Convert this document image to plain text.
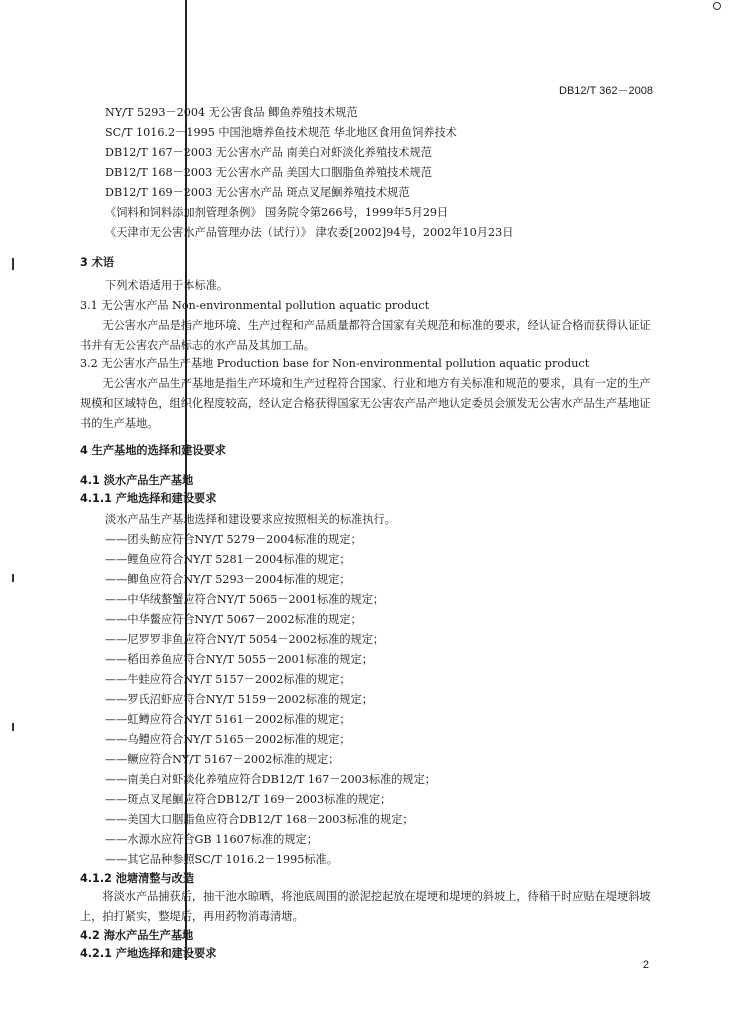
DB12/T 362－2008
NY/T 5293－2004 无公害食品 鲫鱼养殖技术规范
SC/T 1016.2－1995 中国池塘养鱼技术规范 华北地区食用鱼饲养技术
DB12/T 167－2003 无公害水产品 南美白对虾淡化养殖技术规范
DB12/T 168－2003 无公害水产品 美国大口胭脂鱼养殖技术规范
DB12/T 169－2003 无公害水产品 斑点叉尾鮰养殖技术规范
《饲料和饲料添加剂管理条例》 国务院令第266号，1999年5月29日
《天津市无公害水产品管理办法（试行）》 津农委[2002]94号，2002年10月23日
3 术语
下列术语适用于本标准。
3.1 无公害水产品 Non-environmental pollution aquatic product
无公害水产品是指产地环境、生产过程和产品质量都符合国家有关规范和标准的要求，经认证合格而获得认证证书并有无公害农产品标志的水产品及其加工品。
3.2 无公害水产品生产基地 Production base for Non-environmental pollution aquatic product
无公害水产品生产基地是指生产环境和生产过程符合国家、行业和地方有关标准和规范的要求，具有一定的生产规模和区域特色，组织化程度较高，经认定合格获得国家无公害农产品产地认定委员会颁发无公害水产品生产基地证书的生产基地。
4 生产基地的选择和建设要求
4.1 淡水产品生产基地
4.1.1 产地选择和建设要求
淡水产品生产基地选择和建设要求应按照相关的标准执行。
——团头鲂应符合NY/T 5279－2004标准的规定；
——鲤鱼应符合NY/T 5281－2004标准的规定；
——鲫鱼应符合NY/T 5293－2004标准的规定；
——中华绒螯蟹应符合NY/T 5065－2001标准的规定；
——中华鳖应符合NY/T 5067－2002标准的规定；
——尼罗罗非鱼应符合NY/T 5054－2002标准的规定；
——稻田养鱼应符合NY/T 5055－2001标准的规定；
——牛蛙应符合NY/T 5157－2002标准的规定；
——罗氏沼虾应符合NY/T 5159－2002标准的规定；
——虹鳟应符合NY/T 5161－2002标准的规定；
——乌鳢应符合NY/T 5165－2002标准的规定；
——鳜应符合NY/T 5167－2002标准的规定；
——南美白对虾淡化养殖应符合DB12/T 167－2003标准的规定；
——斑点叉尾鮰应符合DB12/T 169－2003标准的规定；
——美国大口胭脂鱼应符合DB12/T 168－2003标准的规定；
——水源水应符合GB 11607标准的规定；
——其它品种参照SC/T 1016.2－1995标准。
4.1.2 池塘清整与改造
将淡水产品捕获后，抽干池水晾晒，将池底周围的淤泥挖起放在堤埂和堤埂的斜坡上，待稍干时应贴在堤埂斜坡上，拍打紧实，整堤后，再用药物消毒清塘。
4.2 海水产品生产基地
4.2.1 产地选择和建设要求
2
